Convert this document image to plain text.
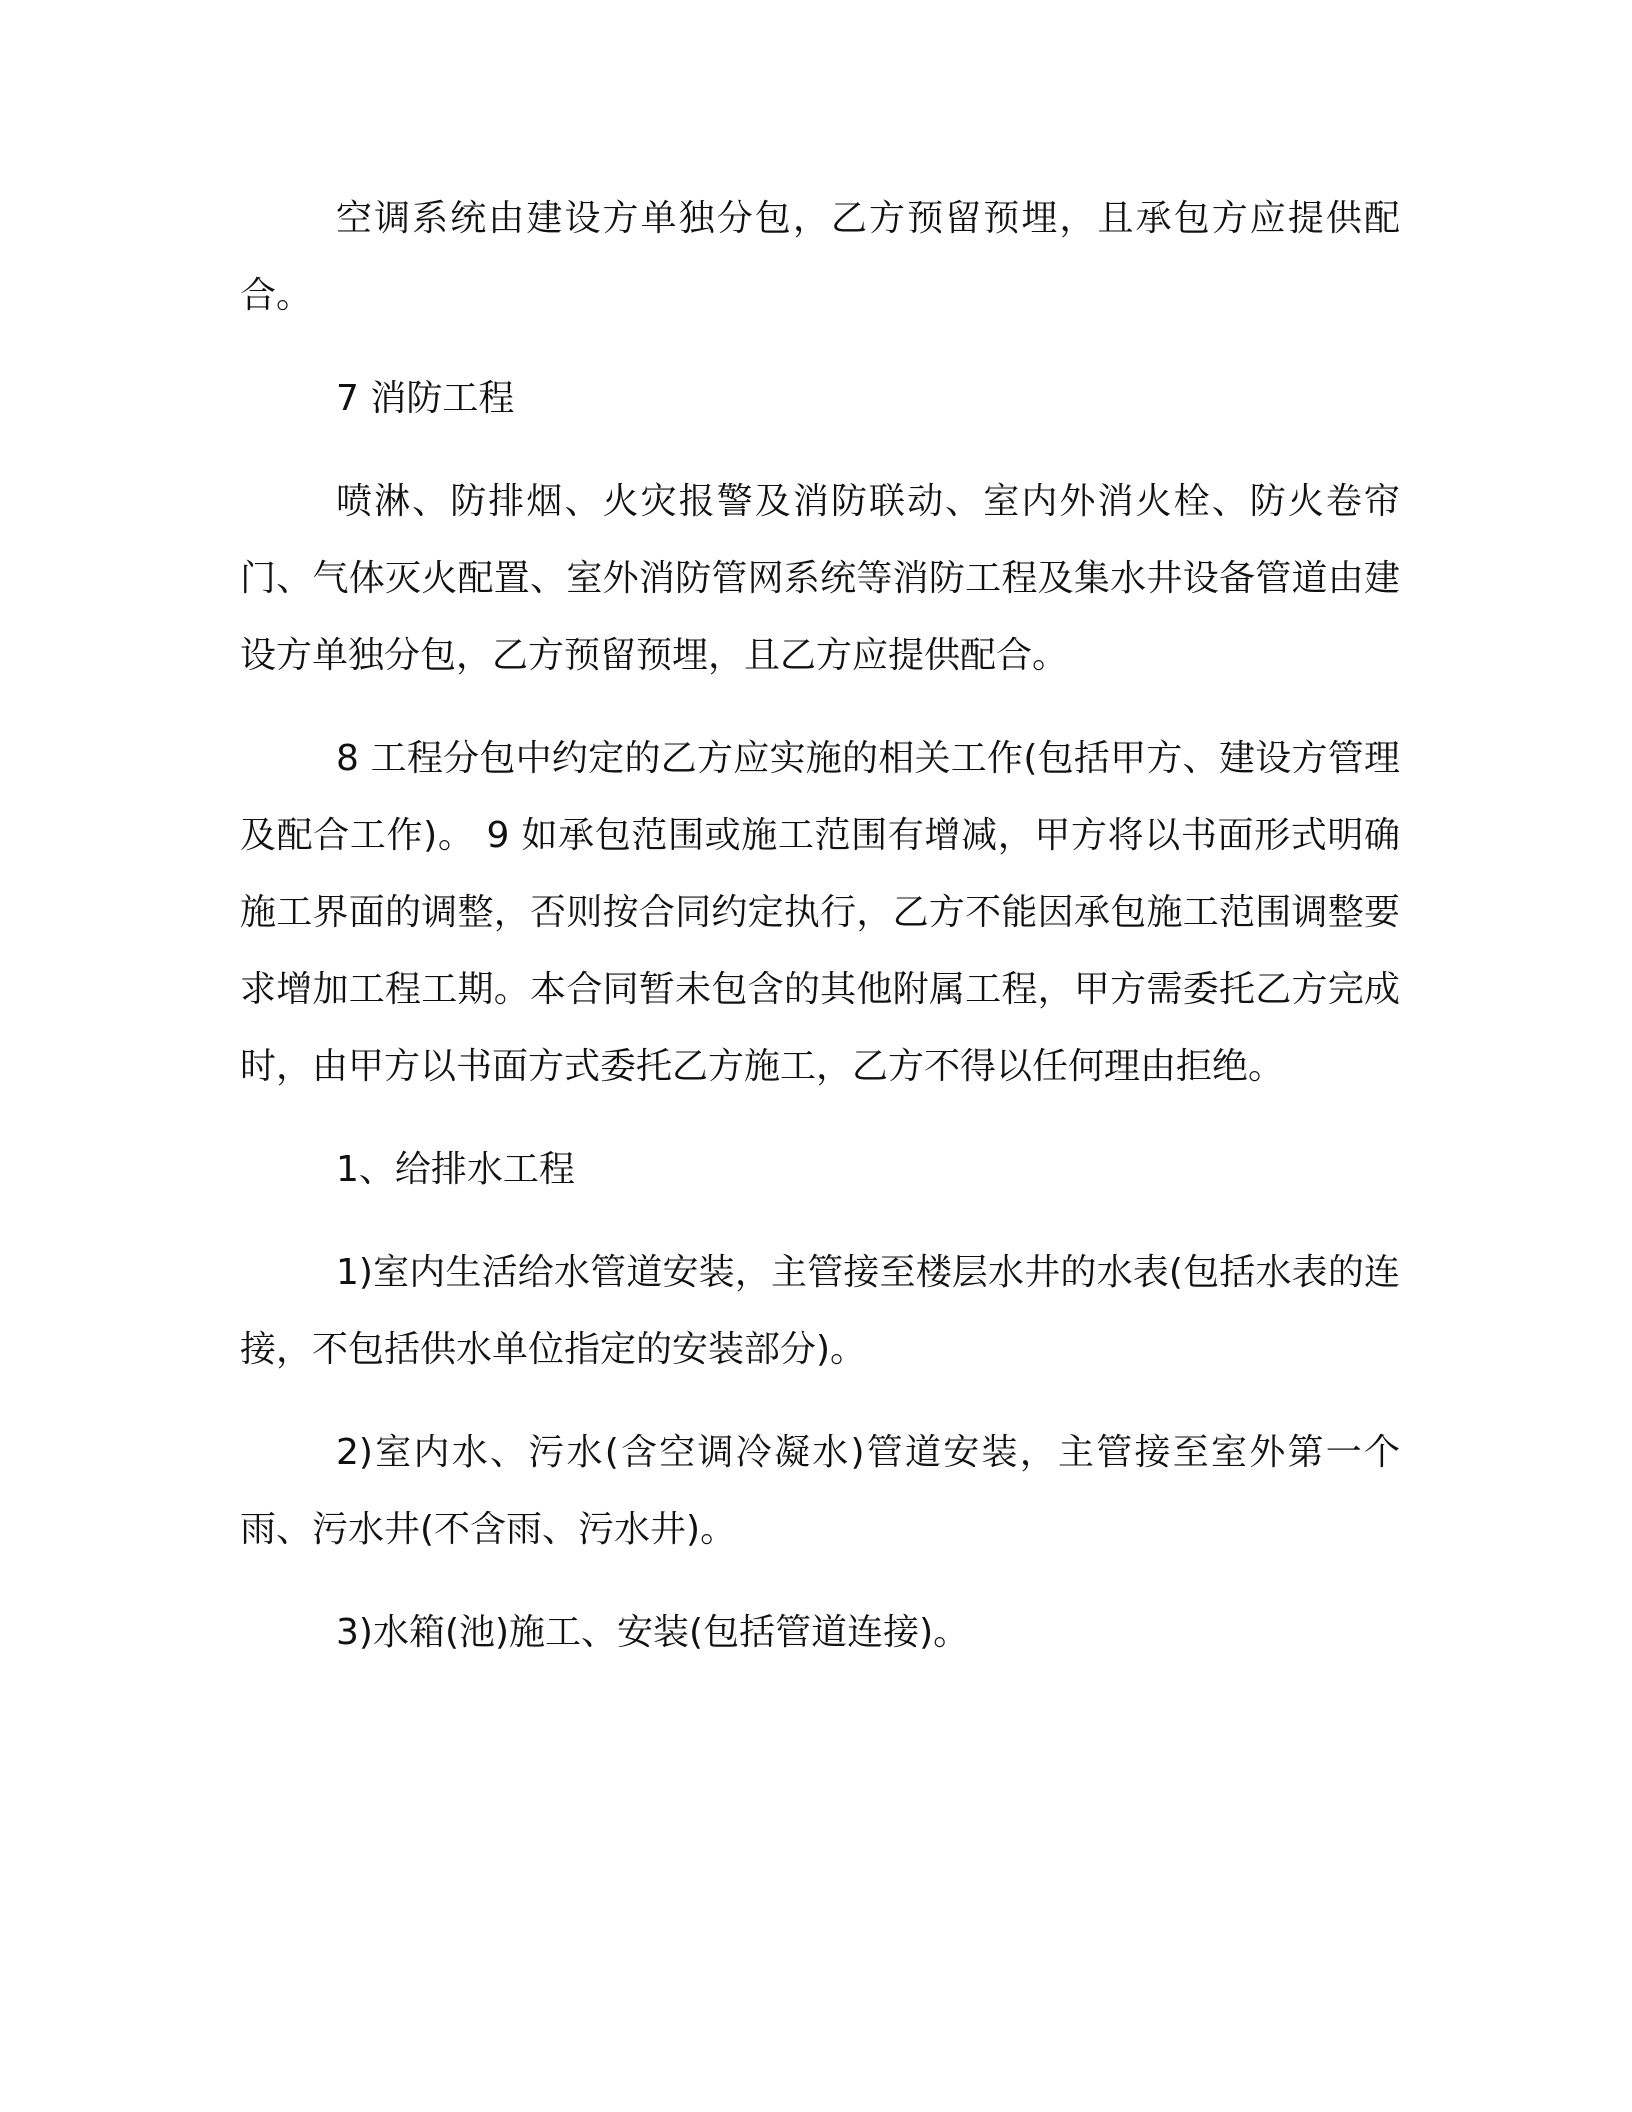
空调系统由建设方单独分包，乙方预留预埋，且承包方应提供配合。

7 消防工程

喷淋、防排烟、火灾报警及消防联动、室内外消火栓、防火卷帘门、气体灭火配置、室外消防管网系统等消防工程及集水井设备管道由建设方单独分包，乙方预留预埋，且乙方应提供配合。

8 工程分包中约定的乙方应实施的相关工作(包括甲方、建设方管理及配合工作)。 9 如承包范围或施工范围有增减，甲方将以书面形式明确施工界面的调整，否则按合同约定执行，乙方不能因承包施工范围调整要求增加工程工期。本合同暂未包含的其他附属工程，甲方需委托乙方完成时，由甲方以书面方式委托乙方施工，乙方不得以任何理由拒绝。

1、给排水工程

1)室内生活给水管道安装，主管接至楼层水井的水表(包括水表的连接，不包括供水单位指定的安装部分)。

2)室内水、污水(含空调冷凝水)管道安装，主管接至室外第一个雨、污水井(不含雨、污水井)。

3)水箱(池)施工、安装(包括管道连接)。
